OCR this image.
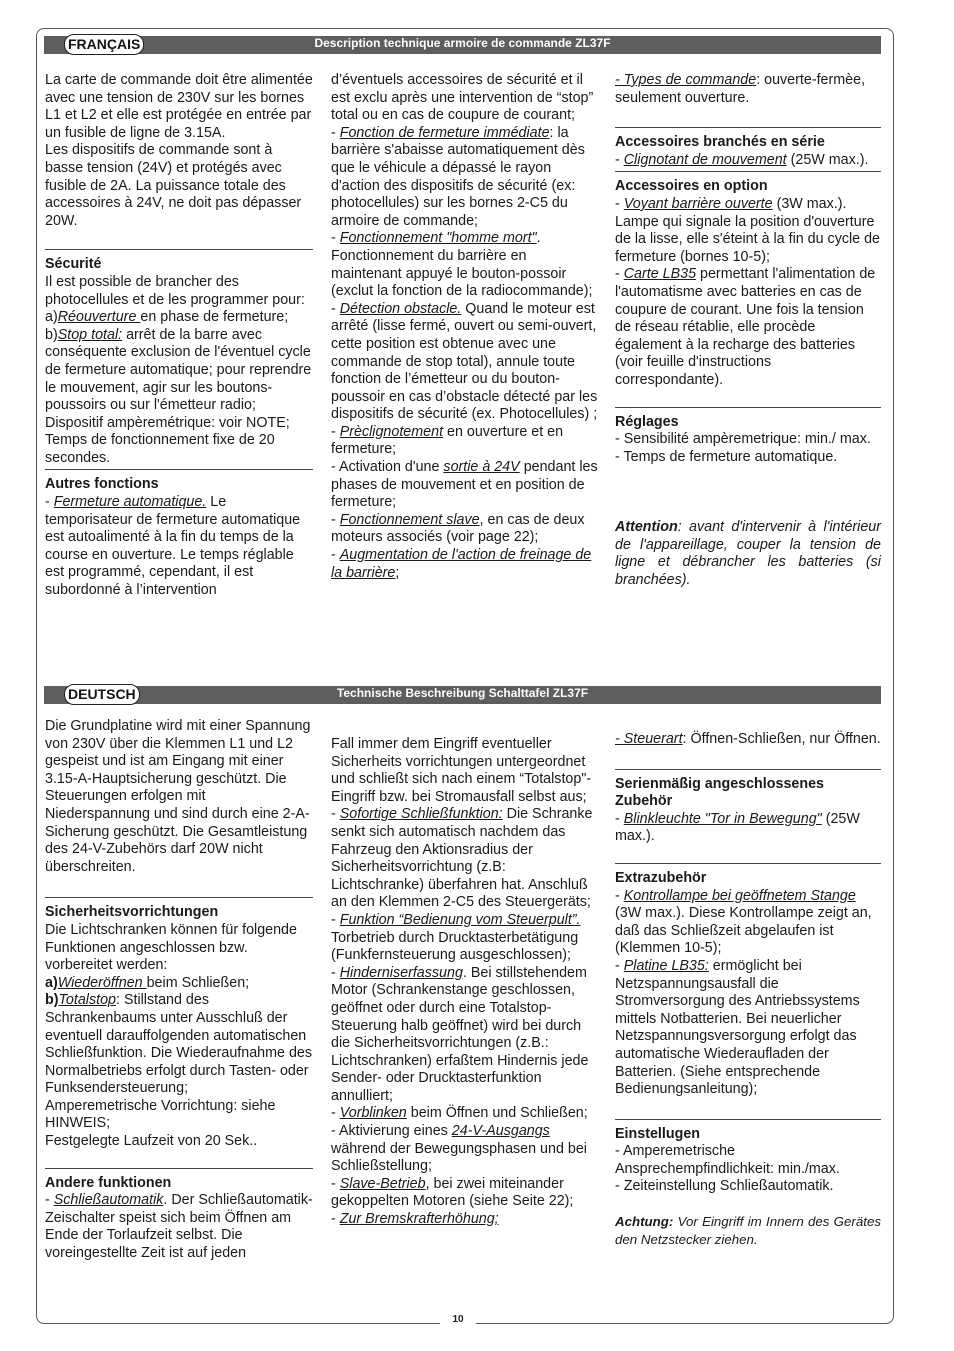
Description technique armoire de commande ZL37F
FRANÇAIS

La carte de commande doit être alimentée avec une tension de 230V sur les bornes L1 et L2 et elle est protégée en entrée par un fusible de ligne de 3.15A.

Les dispositifs de commande sont à basse tension (24V) et protégés avec fusible de 2A. La puissance totale des accessoires à 24V, ne doit pas dépasser 20W.

Sécurité

Il est possible de brancher des photocellules et de les programmer pour:

a)Réouverture en phase de fermeture;

b)Stop total: arrêt de la barre avec conséquente exclusion de l'éventuel cycle de fermeture automatique; pour reprendre le mouvement, agir sur les boutons-poussoirs ou sur l'émetteur radio;

Dispositif ampèremétrique: voir NOTE;

Temps de fonctionnement fixe de 20 secondes.

Autres fonctions

- Fermeture automatique. Le temporisateur de fermeture automatique est autoalimenté à la fin du temps de la course en ouverture. Le temps réglable est programmé, cependant, il est subordonné à l’intervention

d’éventuels accessoires de sécurité et il est exclu après une intervention de “stop” total ou en cas de coupure de courant;

- Fonction de fermeture immédiate: la barrière s'abaisse automatiquement dès que le véhicule a dépassé le rayon d'action des dispositifs de sécurité (ex: photocellules) sur les bornes 2-C5 du armoire de commande;

- Fonctionnement "homme mort". Fonctionnement du barrière en maintenant appuyé le bouton-possoir (exclut la fonction de la radiocommande);

- Détection obstacle. Quand le moteur est arrêté (lisse fermé, ouvert ou semi-ouvert, cette position est obtenue avec une commande de stop total), annule toute fonction de l’émetteur ou du bouton-poussoir en cas d’obstacle détecté par les dispositifs de sécurité (ex. Photocellules) ;

- Prèclignotement en ouverture et en fermeture;

- Activation d'une sortie à 24V pendant les phases de mouvement et en position de fermeture;

- Fonctionnement slave, en cas de deux moteurs associés (voir page 22);

- Augmentation de l'action de freinage de la barrière;

- Types de commande: ouverte-fermèe, seulement ouverture.

Accessoires branchés en série

- Clignotant de mouvement (25W max.).

Accessoires en option

- Voyant barrière ouverte (3W max.). Lampe qui signale la position d'ouverture de la lisse, elle s'éteint à la fin du cycle de fermeture (bornes 10-5);

- Carte LB35 permettant l'alimentation de l'automatisme avec batteries en cas de coupure de courant. Une fois la tension de réseau rétablie, elle procède également à la recharge des batteries (voir feuille d'instructions correspondante).

Réglages

- Sensibilité ampèremetrique: min./ max.

- Temps de fermeture automatique.

Attention: avant d'intervenir à l'intérieur de l'appareillage, couper la tension de ligne et débrancher les batteries (si branchées).

Technische Beschreibung Schalttafel ZL37F
DEUTSCH

Die Grundplatine wird mit einer Spannung von 230V über die Klemmen L1 und L2 gespeist und ist am Eingang mit einer 3.15-A-Hauptsicherung geschützt. Die Steuerungen erfolgen mit Niederspannung und sind durch eine 2-A-Sicherung geschützt. Die Gesamtleistung des 24-V-Zubehörs darf 20W nicht überschreiten.

Sicherheitsvorrichtungen

Die Lichtschranken können für folgende Funktionen angeschlossen bzw. vorbereitet werden:

a)Wiederöffnen beim Schließen;

b)Totalstop: Stillstand des Schrankenbaums unter Ausschluß der eventuell darauffolgenden automatischen Schließfunktion. Die Wiederaufnahme des Normalbetriebs erfolgt durch Tasten- oder Funksendersteuerung;

Amperemetrische Vorrichtung: siehe HINWEIS;

Festgelegte Laufzeit von 20 Sek..

Andere funktionen

- Schließautomatik. Der Schließautomatik-Zeischalter speist sich beim Öffnen am Ende der Torlaufzeit selbst. Die voreingestellte Zeit ist auf jeden

Fall immer dem Eingriff eventueller Sicherheits vorrichtungen untergeordnet und schließt sich nach einem “Totalstop"-Eingriff bzw. bei Stromausfall selbst aus;

- Sofortige Schließfunktion: Die Schranke senkt sich automatisch nachdem das Fahrzeug den Aktionsradius der Sicherheitsvorrichtung (z.B: Lichtschranke) überfahren hat. Anschluß an den Klemmen 2-C5 des Steuergeräts;

- Funktion “Bedienung vom Steuerpult”. Torbetrieb durch Drucktasterbetätigung (Funkfernsteuerung ausgeschlossen);

- Hinderniserfassung. Bei stillstehendem Motor (Schrankenstange geschlossen, geöffnet oder durch eine Totalstop-Steuerung halb geöffnet) wird bei durch die Sicherheitsvorrichtungen (z.B.: Lichtschranken) erfaßtem Hindernis jede Sender- oder Drucktasterfunktion annulliert;

- Vorblinken beim Öffnen und Schließen;

- Aktivierung eines 24-V-Ausgangs während der Bewegungsphasen und bei Schließstellung;

- Slave-Betrieb, bei zwei miteinander gekoppelten Motoren (siehe Seite 22);

- Zur Bremskrafterhöhung;

- Steuerart: Öffnen-Schließen, nur Öffnen.

Serienmäßig angeschlossenes Zubehör

- Blinkleuchte "Tor in Bewegung" (25W max.).

Extrazubehör

- Kontrollampe bei geöffnetem Stange (3W max.). Diese Kontrollampe zeigt an, daß das Schließzeit abgelaufen ist (Klemmen 10-5);

- Platine LB35: ermöglicht bei Netzspannungsausfall die Stromversorgung des Antriebssystems mittels Notbatterien. Bei neuerlicher Netzspannungsversorgung erfolgt das automatische Wiederaufladen der Batterien. (Siehe entsprechende Bedienungsanleitung);

Einstellugen

- Amperemetrische Ansprechempfindlichkeit: min./max.

- Zeiteinstellung Schließautomatik.

Achtung: Vor Eingriff im Innern des Gerätes den Netzstecker ziehen.

10
